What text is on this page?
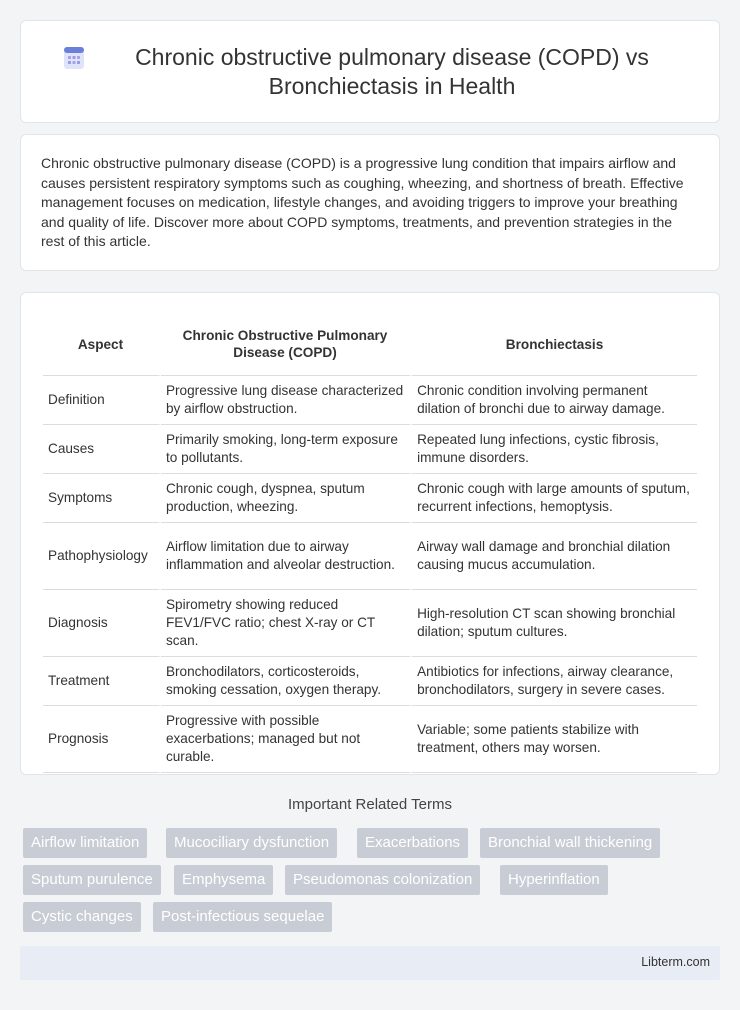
Chronic obstructive pulmonary disease (COPD) vs Bronchiectasis in Health

Chronic obstructive pulmonary disease (COPD) is a progressive lung condition that impairs airflow and causes persistent respiratory symptoms such as coughing, wheezing, and shortness of breath. Effective management focuses on medication, lifestyle changes, and avoiding triggers to improve your breathing and quality of life. Discover more about COPD symptoms, treatments, and prevention strategies in the rest of this article.

Aspect	Chronic Obstructive Pulmonary Disease (COPD)	Bronchiectasis
Definition	Progressive lung disease characterized by airflow obstruction.	Chronic condition involving permanent dilation of bronchi due to airway damage.
Causes	Primarily smoking, long-term exposure to pollutants.	Repeated lung infections, cystic fibrosis, immune disorders.
Symptoms	Chronic cough, dyspnea, sputum production, wheezing.	Chronic cough with large amounts of sputum, recurrent infections, hemoptysis.
Pathophysiology	Airflow limitation due to airway inflammation and alveolar destruction.	Airway wall damage and bronchial dilation causing mucus accumulation.
Diagnosis	Spirometry showing reduced FEV1/FVC ratio; chest X-ray or CT scan.	High-resolution CT scan showing bronchial dilation; sputum cultures.
Treatment	Bronchodilators, corticosteroids, smoking cessation, oxygen therapy.	Antibiotics for infections, airway clearance, bronchodilators, surgery in severe cases.
Prognosis	Progressive with possible exacerbations; managed but not curable.	Variable; some patients stabilize with treatment, others may worsen.
Important Related Terms
Airflow limitation	Mucociliary dysfunction	Exacerbations	Bronchial wall thickening
Sputum purulence	Emphysema	Pseudomonas colonization	Hyperinflation
Cystic changes	Post-infectious sequelae
Libterm.com
